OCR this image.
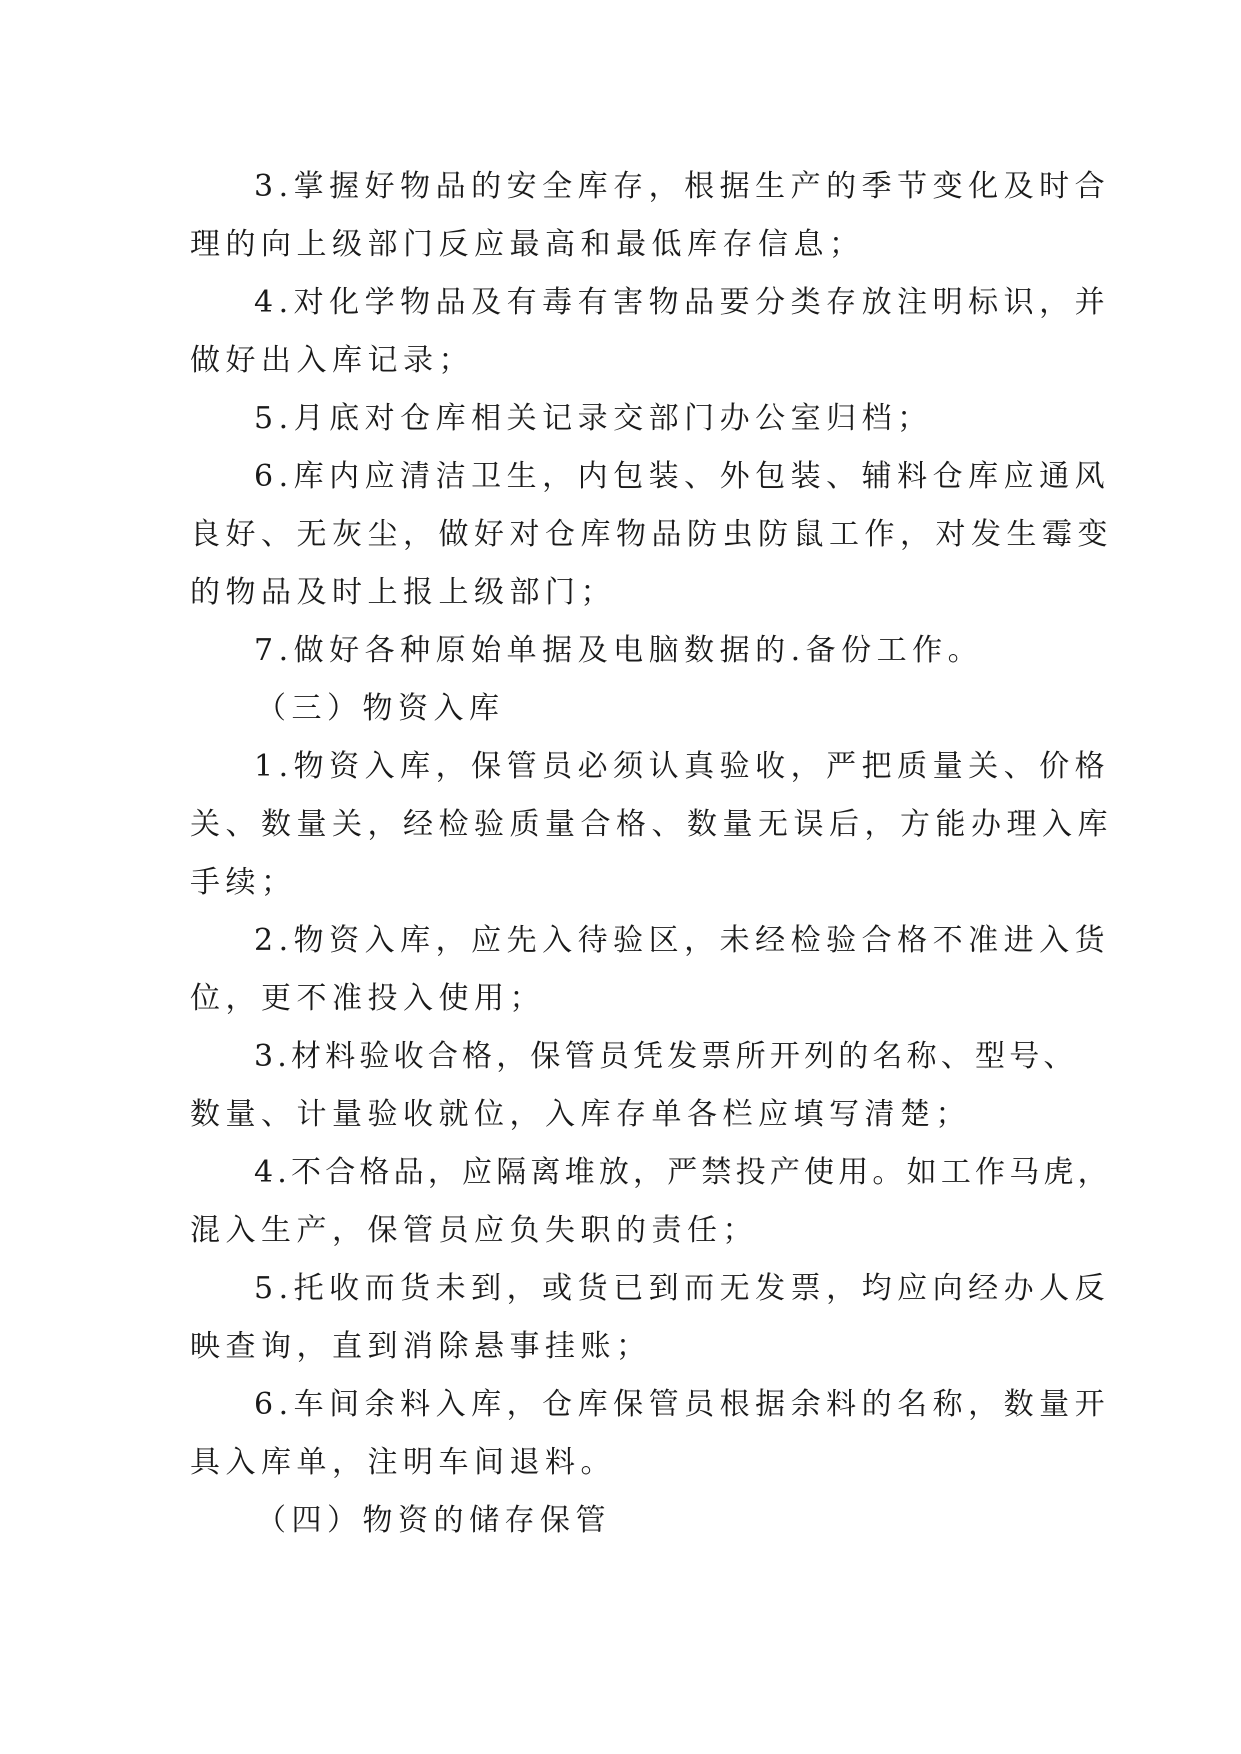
3.掌握好物品的安全库存，根据生产的季节变化及时合
理的向上级部门反应最高和最低库存信息；
4.对化学物品及有毒有害物品要分类存放注明标识，并
做好出入库记录；
5.月底对仓库相关记录交部门办公室归档；
6.库内应清洁卫生，内包装、外包装、辅料仓库应通风
良好、无灰尘，做好对仓库物品防虫防鼠工作，对发生霉变
的物品及时上报上级部门；
7.做好各种原始单据及电脑数据的.备份工作。
（三）物资入库
1.物资入库，保管员必须认真验收，严把质量关、价格
关、数量关，经检验质量合格、数量无误后，方能办理入库
手续；
2.物资入库，应先入待验区，未经检验合格不准进入货
位，更不准投入使用；
3.材料验收合格，保管员凭发票所开列的名称、型号、
数量、计量验收就位，入库存单各栏应填写清楚；
4.不合格品，应隔离堆放，严禁投产使用。如工作马虎，
混入生产，保管员应负失职的责任；
5.托收而货未到，或货已到而无发票，均应向经办人反
映查询，直到消除悬事挂账；
6.车间余料入库，仓库保管员根据余料的名称，数量开
具入库单，注明车间退料。
（四）物资的储存保管
